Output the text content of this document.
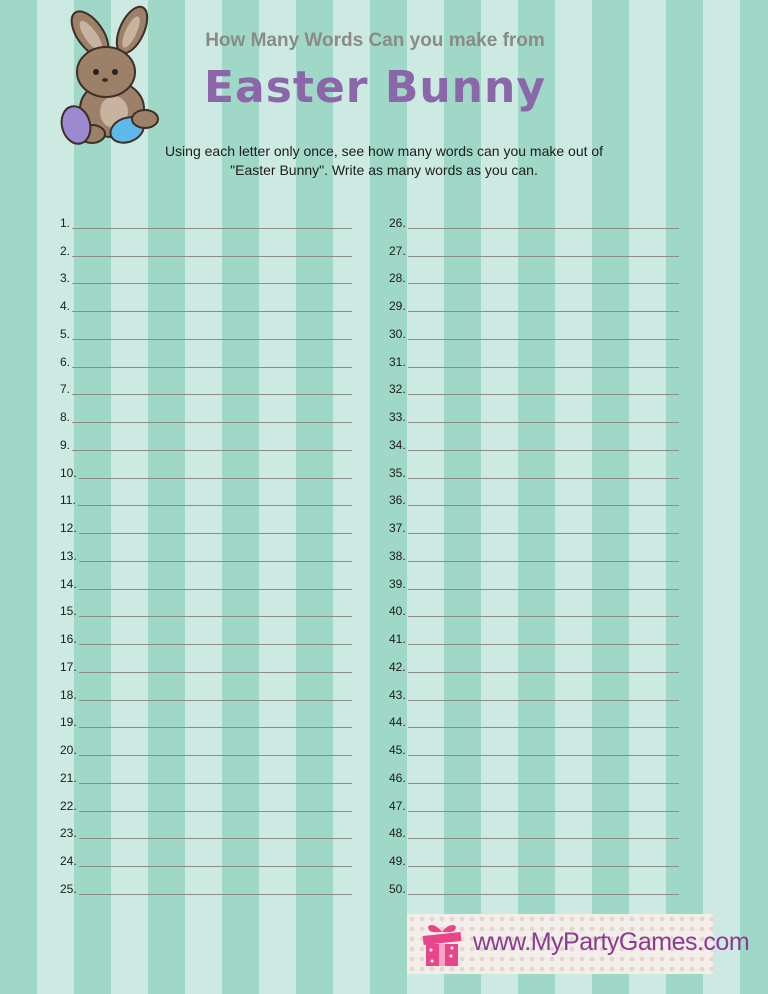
How Many Words Can you make from

Easter Bunny

Using each letter only once, see how many words can you make out of
"Easter Bunny". Write as many words as you can.

1.
2.
3.
4.
5.
6.
7.
8.
9.
10.
11.
12.
13.
14.
15.
16.
17.
18.
19.
20.
21.
22.
23.
24.
25.
26.
27.
28.
29.
30.
31.
32.
33.
34.
35.
36.
37.
38.
39.
40.
41.
42.
43.
44.
45.
46.
47.
48.
49.
50.
www.MyPartyGames.com
